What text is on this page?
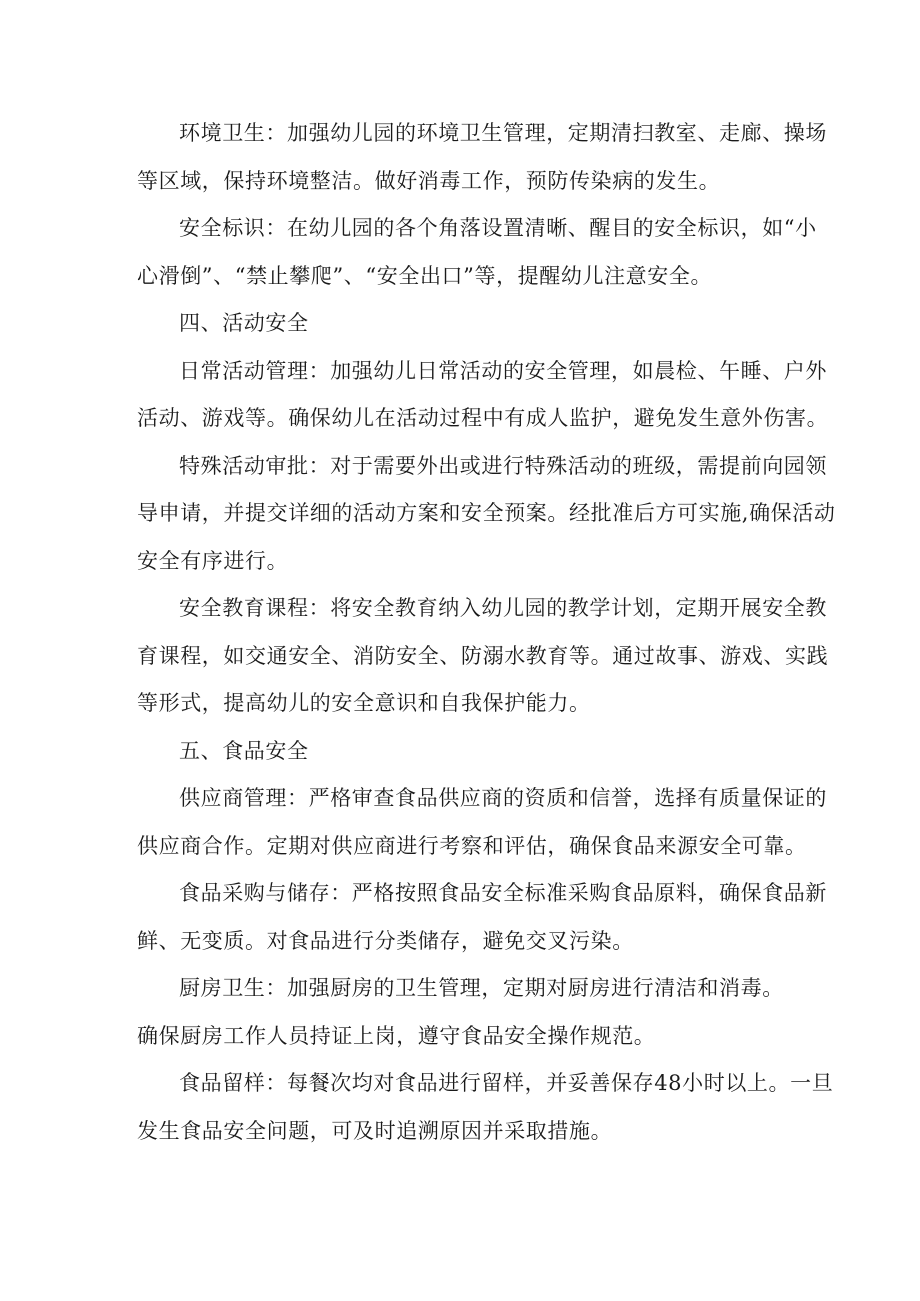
环境卫生：加强幼儿园的环境卫生管理，定期清扫教室、走廊、操场
等区域，保持环境整洁。做好消毒工作，预防传染病的发生。
安全标识：在幼儿园的各个角落设置清晰、醒目的安全标识，如“小
心滑倒”、“禁止攀爬”、“安全出口”等，提醒幼儿注意安全。
四、活动安全
日常活动管理：加强幼儿日常活动的安全管理，如晨检、午睡、户外
活动、游戏等。确保幼儿在活动过程中有成人监护，避免发生意外伤害。
特殊活动审批：对于需要外出或进行特殊活动的班级，需提前向园领
导申请，并提交详细的活动方案和安全预案。经批准后方可实施,确保活动
安全有序进行。
安全教育课程：将安全教育纳入幼儿园的教学计划，定期开展安全教
育课程，如交通安全、消防安全、防溺水教育等。通过故事、游戏、实践
等形式，提高幼儿的安全意识和自我保护能力。
五、食品安全
供应商管理：严格审查食品供应商的资质和信誉，选择有质量保证的
供应商合作。定期对供应商进行考察和评估，确保食品来源安全可靠。
食品采购与储存：严格按照食品安全标准采购食品原料，确保食品新
鲜、无变质。对食品进行分类储存，避免交叉污染。
厨房卫生：加强厨房的卫生管理，定期对厨房进行清洁和消毒。
确保厨房工作人员持证上岗，遵守食品安全操作规范。
食品留样：每餐次均对食品进行留样，并妥善保存48小时以上。一旦
发生食品安全问题，可及时追溯原因并采取措施。
